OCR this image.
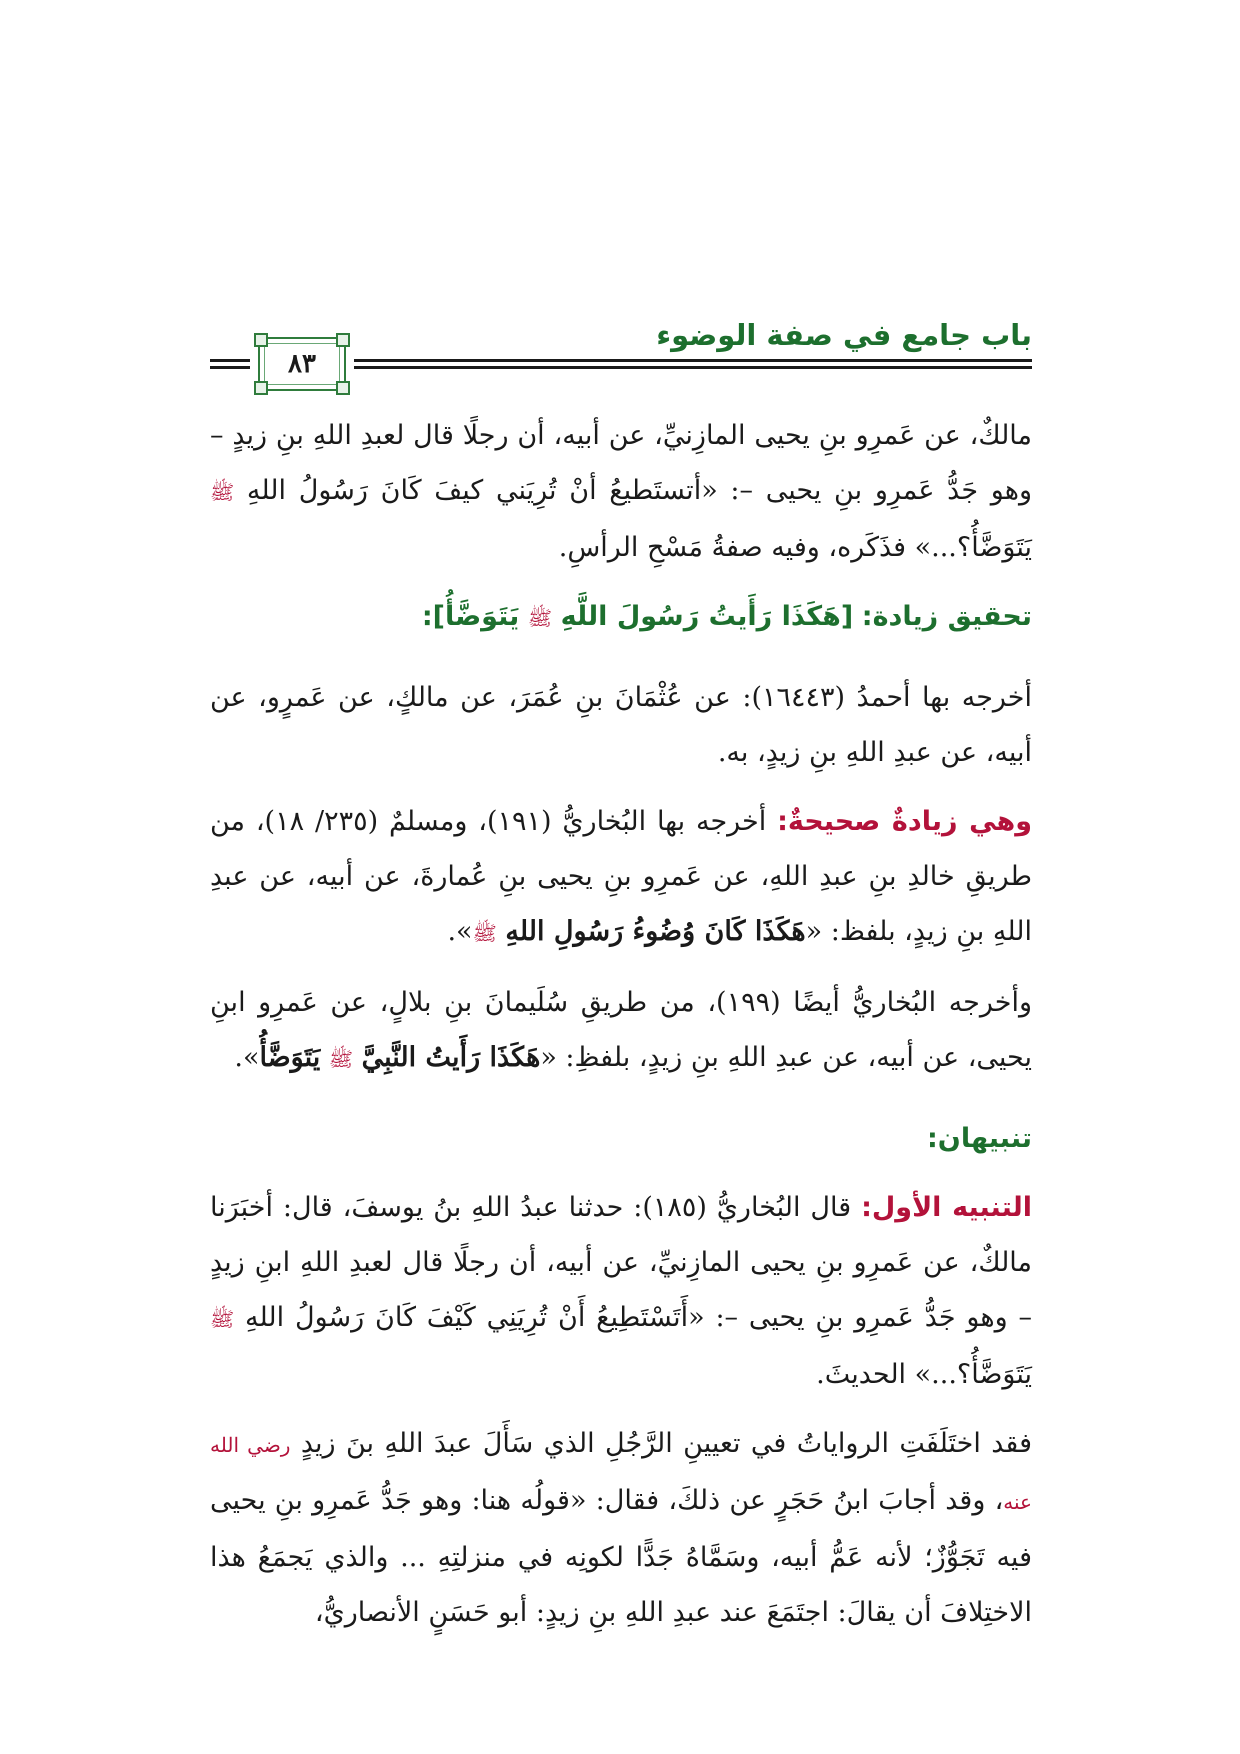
باب جامع في صفة الوضوء
٨٣

مالكٌ، عن عَمرِو بنِ يحيى المازِنيِّ، عن أبيه، أن رجلًا قال لعبدِ اللهِ بنِ زيدٍ – وهو جَدُّ عَمرِو بنِ يحيى –: «أتستَطيعُ أنْ تُرِيَني كيفَ كَانَ رَسُولُ اللهِ ﷺ يَتَوَضَّأُ؟...» فذَكَره، وفيه صفةُ مَسْحِ الرأسِ.

تحقيق زيادة: [هَكَذَا رَأَيتُ رَسُولَ اللَّهِ ﷺ يَتَوَضَّأُ]:

أخرجه بها أحمدُ (١٦٤٤٣): عن عُثْمَانَ بنِ عُمَرَ، عن مالكٍ، عن عَمرٍو، عن أبيه، عن عبدِ اللهِ بنِ زيدٍ، به.

وهي زيادةٌ صحيحةٌ: أخرجه بها البُخاريُّ (١٩١)، ومسلمٌ (٢٣٥/ ١٨)، من طريقِ خالدِ بنِ عبدِ اللهِ، عن عَمرِو بنِ يحيى بنِ عُمارةَ، عن أبيه، عن عبدِ اللهِ بنِ زيدٍ، بلفظ: «هَكَذَا كَانَ وُضُوءُ رَسُولِ اللهِ ﷺ».

وأخرجه البُخاريُّ أيضًا (١٩٩)، من طريقِ سُلَيمانَ بنِ بلالٍ، عن عَمرِو ابنِ يحيى، عن أبيه، عن عبدِ اللهِ بنِ زيدٍ، بلفظِ: «هَكَذَا رَأَيتُ النَّبِيَّ ﷺ يَتَوَضَّأُ».

تنبيهان:

التنبيه الأول: قال البُخاريُّ (١٨٥): حدثنا عبدُ اللهِ بنُ يوسفَ، قال: أخبَرَنا مالكٌ، عن عَمرِو بنِ يحيى المازِنيِّ، عن أبيه، أن رجلًا قال لعبدِ اللهِ ابنِ زيدٍ – وهو جَدُّ عَمرِو بنِ يحيى –: «أَتَسْتَطِيعُ أَنْ تُرِيَنِي كَيْفَ كَانَ رَسُولُ اللهِ ﷺ يَتَوَضَّأُ؟...» الحديثَ.

فقد اختَلَفَتِ الرواياتُ في تعيينِ الرَّجُلِ الذي سَأَلَ عبدَ اللهِ بنَ زيدٍ رضي الله عنه، وقد أجابَ ابنُ حَجَرٍ عن ذلكَ، فقال: «قولُه هنا: وهو جَدُّ عَمرِو بنِ يحيى فيه تَجَوُّزٌ؛ لأنه عَمُّ أبيه، وسَمَّاهُ جَدًّا لكونِه في منزلتِهِ ... والذي يَجمَعُ هذا الاختِلافَ أن يقالَ: اجتَمَعَ عند عبدِ اللهِ بنِ زيدٍ: أبو حَسَنٍ الأنصاريُّ،
